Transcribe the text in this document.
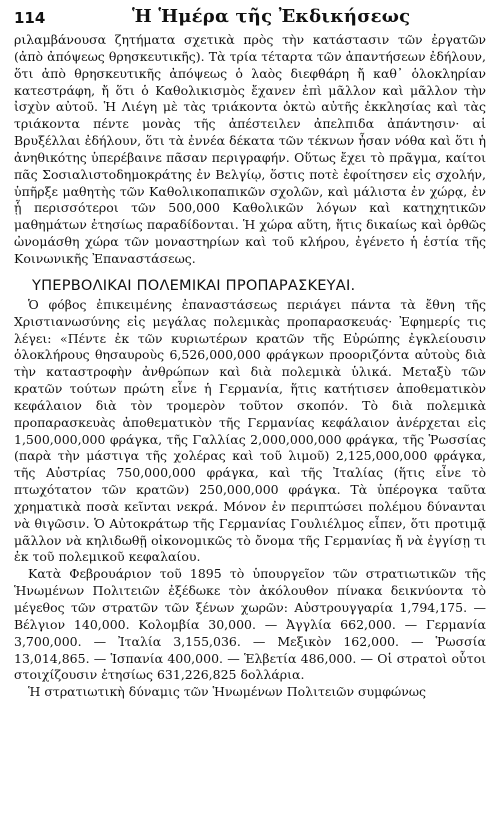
114	Ἡ Ἡμέρα τῆς Ἐκδικήσεως

ριλαμβάνουσα ζητήματα σχετικὰ πρὸς τὴν κατάστασιν τῶν ἐργατῶν (ἀπὸ ἀπόψεως θρησκευτικῆς). Τὰ τρία τέταρτα τῶν ἀπαντήσεων ἐδήλουν, ὅτι ἀπὸ θρησκευτικῆς ἀπόψεως ὁ λαὸς διεφθάρη ἤ καθ᾿ ὁλοκληρίαν κατεστράφη, ἤ ὅτι ὁ Καθολικισμὸς ἔχανεν ἐπὶ μᾶλλον καὶ μᾶλλον τὴν ἰσχὺν αὐτοῦ. Ἡ Λιέγη μὲ τὰς τριάκοντα ὀκτὼ αὐτῆς ἐκκλησίας καὶ τὰς τριάκοντα πέντε μονὰς τῆς ἀπέστειλεν ἀπελπιδα ἀπάντησιν· αἱ Βρυξέλλαι ἐδήλουν, ὅτι τὰ ἐννέα δέκατα τῶν τέκνων ἦσαν νόθα καὶ ὅτι ἡ ἀνηθικότης ὑπερέβαινε πᾶσαν περιγραφήν. Οὕτως ἔχει τὸ πρᾶγμα, καίτοι πᾶς Σοσιαλιστοδημοκράτης ἐν Βελγίῳ, ὅστις ποτὲ ἐφοίτησεν εἰς σχολήν, ὑπῆρξε μαθητὴς τῶν Καθολικοπαπικῶν σχολῶν, καὶ μάλιστα ἐν χώρᾳ, ἐν ᾗ περισσότεροι τῶν 500,000 Καθολικῶν λόγων καὶ κατηχητικῶν μαθημάτων ἐτησίως παραδίδονται. Ἡ χώρα αὕτη, ἥτις δικαίως καὶ ὀρθῶς ὠνομάσθη χώρα τῶν μοναστηρίων καὶ τοῦ κλήρου, ἐγένετο ἡ ἑστία τῆς Κοινωνικῆς Ἐπαναστάσεως.

ΥΠΕΡΒΟΛΙΚΑΙ ΠΟΛΕΜΙΚΑΙ ΠΡΟΠΑΡΑΣΚΕΥΑΙ.

Ὁ φόβος ἐπικειμένης ἐπαναστάσεως περιάγει πάντα τὰ ἔθνη τῆς Χριστιανωσύνης εἰς μεγάλας πολεμικὰς προπαρασκευάς· Ἐφημερίς τις λέγει: «Πέντε ἐκ τῶν κυριωτέρων κρατῶν τῆς Εὐρώπης ἐγκλείουσιν ὁλοκλήρους θησαυροὺς 6,526,000,000 φράγκων προοριζόντα αὐτοὺς διὰ τὴν καταστροφὴν ἀνθρώπων καὶ διὰ πολεμικὰ ὑλικά. Μεταξὺ τῶν κρατῶν τούτων πρώτη εἶνε ἡ Γερμανία, ἥτις κατήτισεν ἀποθεματικὸν κεφάλαιον διὰ τὸν τρομερὸν τοῦτον σκοπόν. Τὸ διὰ πολεμικὰ προπαρασκευὰς ἀποθεματικὸν τῆς Γερμανίας κεφάλαιον ἀνέρχεται εἰς 1,500,000,000 φράγκα, τῆς Γαλλίας 2,000,000,000 φράγκα, τῆς Ῥωσσίας (παρὰ τὴν μάστιγα τῆς χολέρας καὶ τοῦ λιμοῦ) 2,125,000,000 φράγκα, τῆς Αὐστρίας 750,000,000 φράγκα, καὶ τῆς Ἰταλίας (ἥτις εἶνε τὸ πτωχότατον τῶν κρατῶν) 250,000,000 φράγκα. Τὰ ὑπέρογκα ταῦτα χρηματικὰ ποσὰ κεῖνται νεκρά. Μόνον ἐν περιπτώσει πολέμου δύνανται νὰ θιγῶσιν. Ὁ Αὐτοκράτωρ τῆς Γερμανίας Γουλιέλμος εἶπεν, ὅτι προτιμᾷ μᾶλλον νὰ κηλιδωθῇ οἰκονομικῶς τὸ ὄνομα τῆς Γερμανίας ἤ νὰ ἐγγίσῃ τι ἐκ τοῦ πολεμικοῦ κεφαλαίου.

Κατὰ Φεβρουάριον τοῦ 1895 τὸ ὑπουργεῖον τῶν στρατιωτικῶν τῆς Ἡνωμένων Πολιτειῶν ἐξέδωκε τὸν ἀκόλουθον πίνακα δεικνύοντα τὸ μέγεθος τῶν στρατῶν τῶν ξένων χωρῶν: Αὐστρουγγαρία 1,794,175. — Βέλγιον 140,000. Κολομβία 30,000. — Ἀγγλία 662,000. — Γερμανία 3,700,000. — Ἰταλία 3,155,036. — Μεξικὸν 162,000. — Ῥωσσία 13,014,865. — Ἱσπανία 400,000. — Ἑλβετία 486,000. — Οἱ στρατοὶ οὗτοι στοιχίζουσιν ἐτησίως 631,226,825 δολλάρια.

Ἡ στρατιωτικὴ δύναμις τῶν Ἡνωμένων Πολιτειῶν συμφώνως
